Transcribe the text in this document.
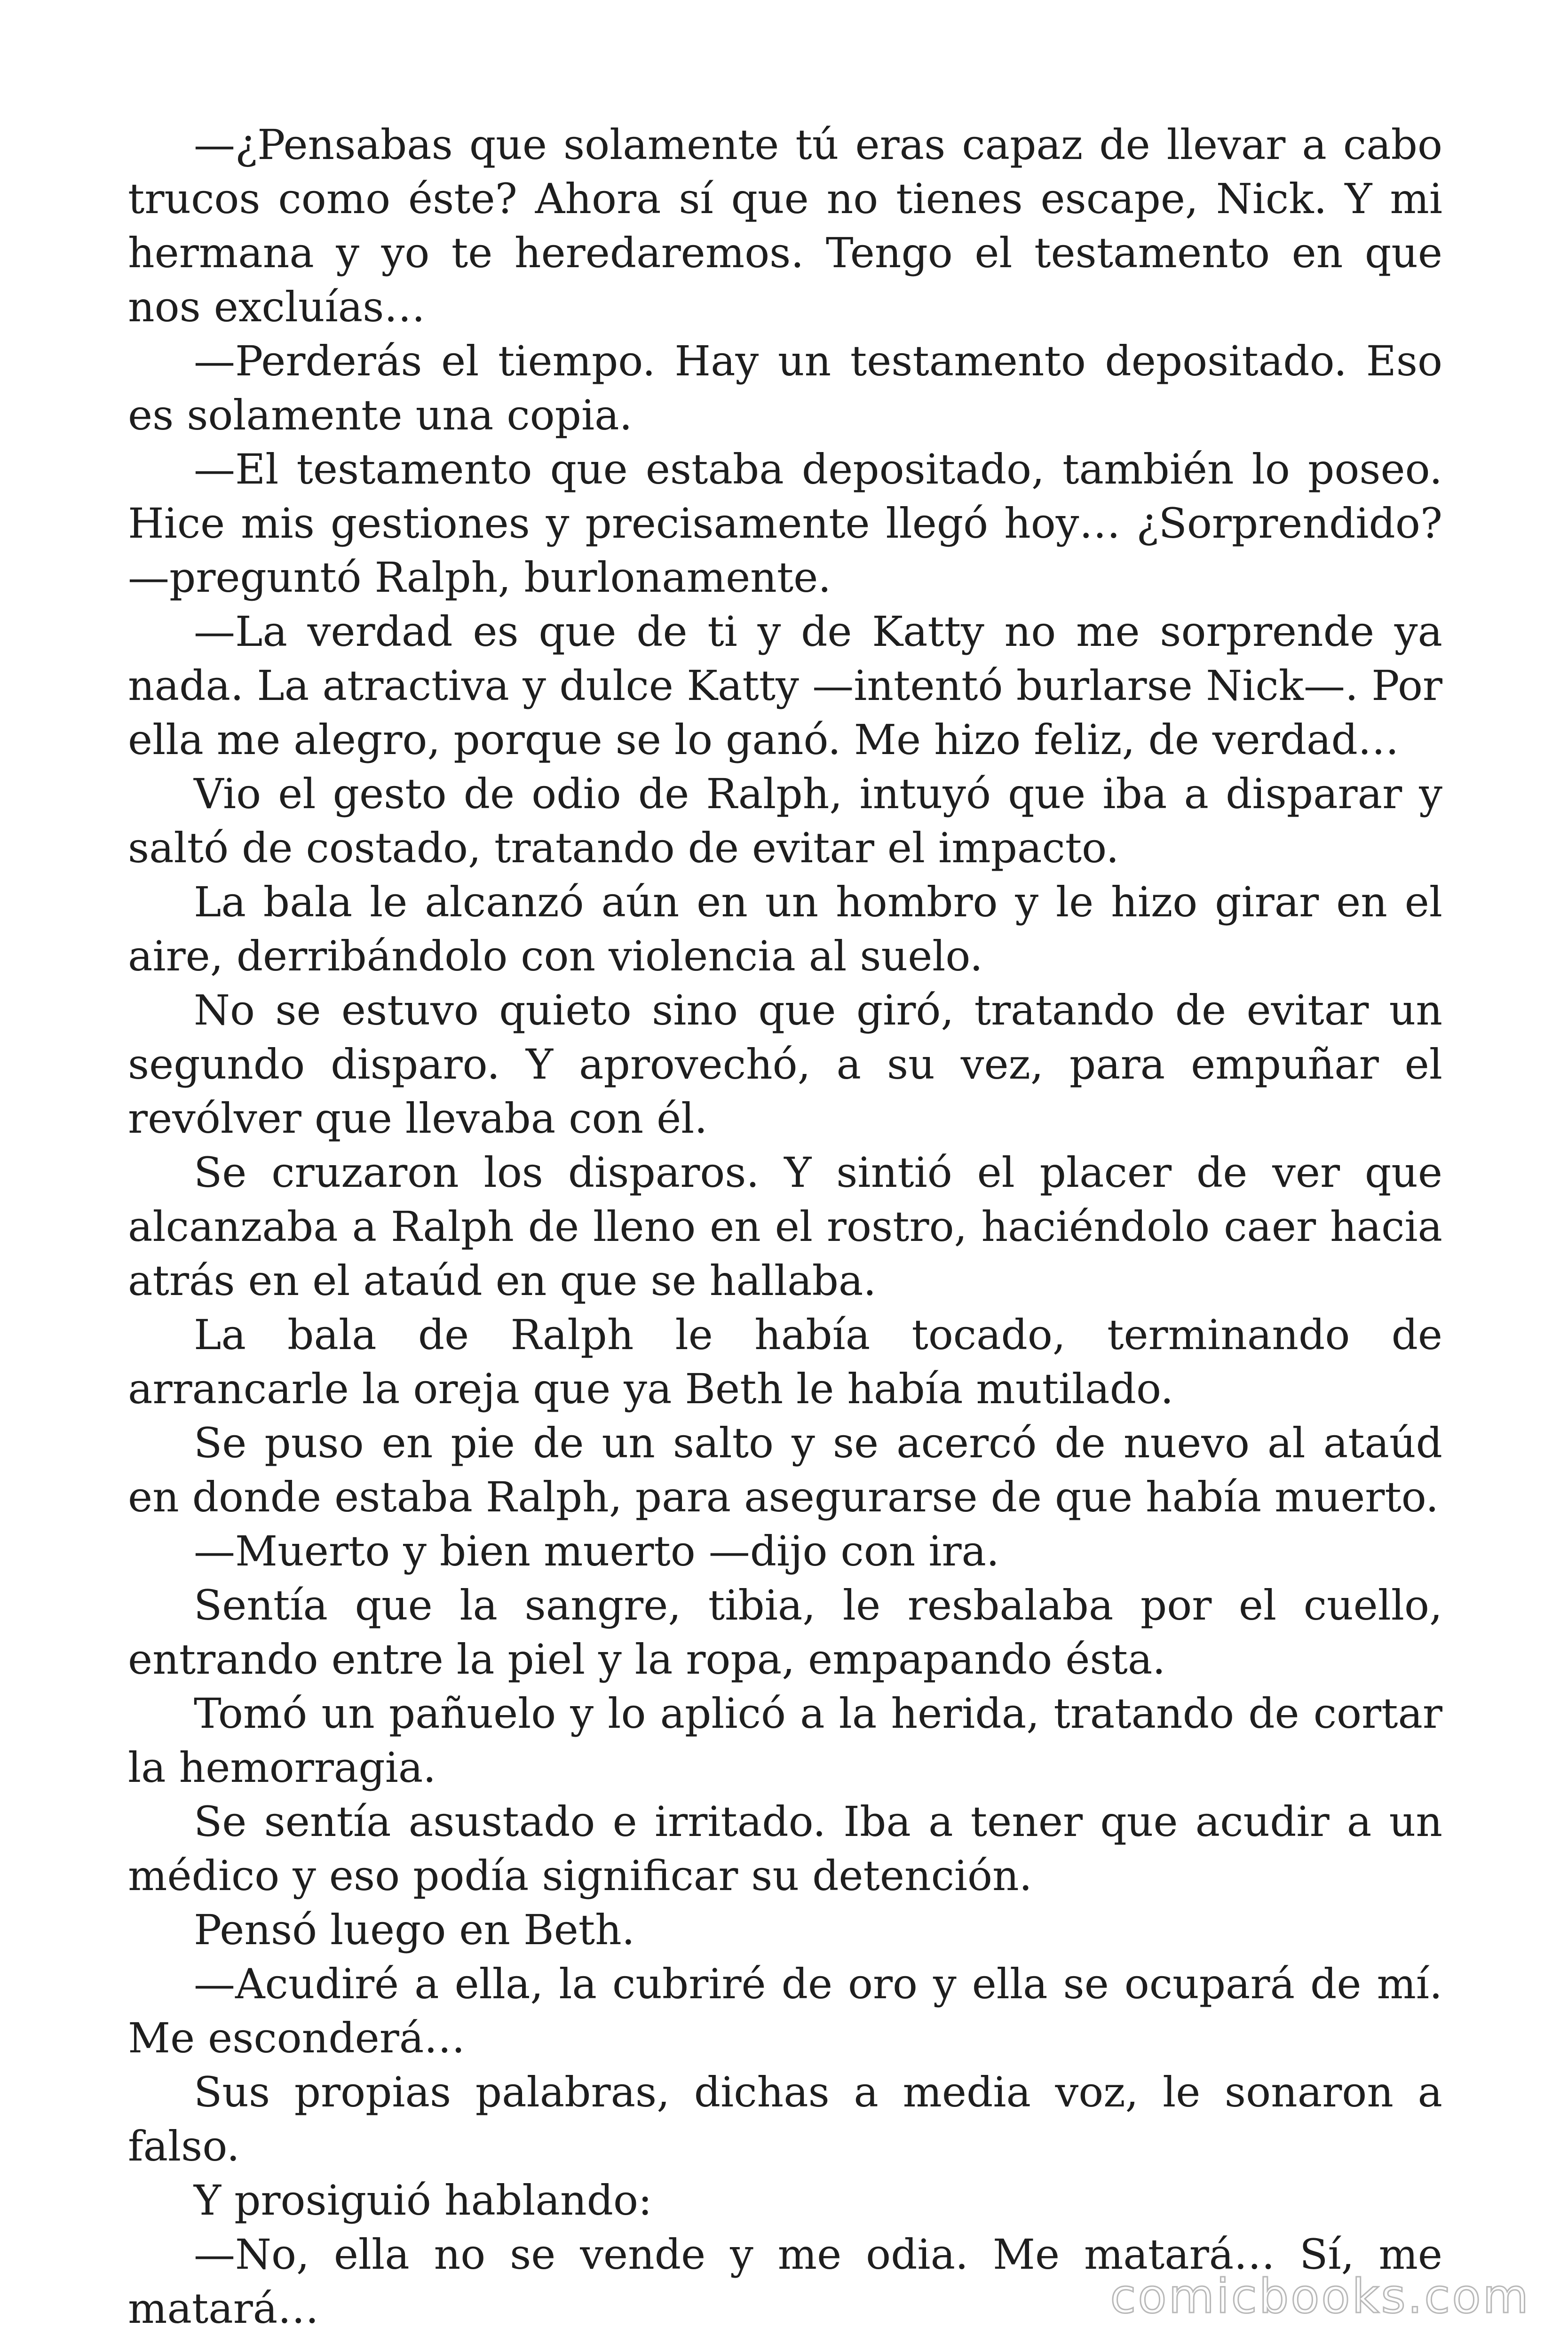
—¿Pensabas que solamente tú eras capaz de llevar a cabo trucos como éste? Ahora sí que no tienes escape, Nick. Y mi hermana y yo te heredaremos. Tengo el testamento en que nos excluías…

—Perderás el tiempo. Hay un testamento depositado. Eso es solamente una copia.

—El testamento que estaba depositado, también lo poseo. Hice mis gestiones y precisamente llegó hoy… ¿Sorprendido? —preguntó Ralph, burlonamente.

—La verdad es que de ti y de Katty no me sorprende ya nada. La atractiva y dulce Katty —intentó burlarse Nick—. Por ella me alegro, porque se lo ganó. Me hizo feliz, de verdad…

Vio el gesto de odio de Ralph, intuyó que iba a disparar y saltó de costado, tratando de evitar el impacto.

La bala le alcanzó aún en un hombro y le hizo girar en el aire, derribándolo con violencia al suelo.

No se estuvo quieto sino que giró, tratando de evitar un segundo disparo. Y aprovechó, a su vez, para empuñar el revólver que llevaba con él.

Se cruzaron los disparos. Y sintió el placer de ver que alcanzaba a Ralph de lleno en el rostro, haciéndolo caer hacia atrás en el ataúd en que se hallaba.

La bala de Ralph le había tocado, terminando de arrancarle la oreja que ya Beth le había mutilado.

Se puso en pie de un salto y se acercó de nuevo al ataúd en donde estaba Ralph, para asegurarse de que había muerto.

—Muerto y bien muerto —dijo con ira.

Sentía que la sangre, tibia, le resbalaba por el cuello, entrando entre la piel y la ropa, empapando ésta.

Tomó un pañuelo y lo aplicó a la herida, tratando de cortar la hemorragia.

Se sentía asustado e irritado. Iba a tener que acudir a un médico y eso podía significar su detención.

Pensó luego en Beth.

—Acudiré a ella, la cubriré de oro y ella se ocupará de mí. Me esconderá…

Sus propias palabras, dichas a media voz, le sonaron a falso.

Y prosiguió hablando:

—No, ella no se vende y me odia. Me matará… Sí, me matará…	comicbooks.com
